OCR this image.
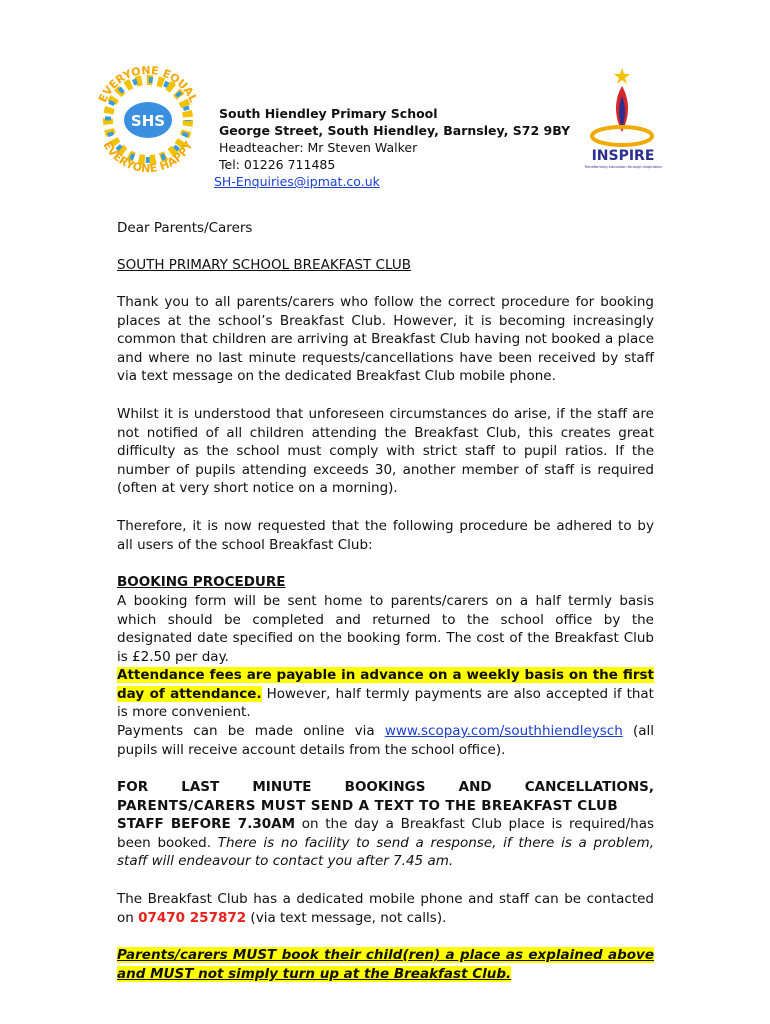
SHS
EVERYONE EQUAL
EVERYONE HAPPY
INSPIRE
Transforming education through inspiration
South Hiendley Primary School
George Street, South Hiendley, Barnsley, S72 9BY
Headteacher: Mr Steven Walker
Tel: 01226 711485
SH-Enquiries@ipmat.co.uk
Dear Parents/Carers
SOUTH PRIMARY SCHOOL BREAKFAST CLUB
Thank you to all parents/carers who follow the correct procedure for booking places at the school’s Breakfast Club. However, it is becoming increasingly common that children are arriving at Breakfast Club having not booked a place and where no last minute requests/cancellations have been received by staff via text message on the dedicated Breakfast Club mobile phone.
Whilst it is understood that unforeseen circumstances do arise, if the staff are not notified of all children attending the Breakfast Club, this creates great difficulty as the school must comply with strict staff to pupil ratios. If the number of pupils attending exceeds 30, another member of staff is required (often at very short notice on a morning).
Therefore, it is now requested that the following procedure be adhered to by all users of the school Breakfast Club:
BOOKING PROCEDURE
A booking form will be sent home to parents/carers on a half termly basis which should be completed and returned to the school office by the designated date specified on the booking form. The cost of the Breakfast Club is £2.50 per day.
Attendance fees are payable in advance on a weekly basis on the first day of attendance. However, half termly payments are also accepted if that is more convenient.
Payments can be made online via www.scopay.com/southhiendleysch (all pupils will receive account details from the school office).
FOR LAST MINUTE BOOKINGS AND CANCELLATIONS,
PARENTS/CARERS MUST SEND A TEXT TO THE BREAKFAST CLUB
STAFF BEFORE 7.30AM on the day a Breakfast Club place is required/has been booked. There is no facility to send a response, if there is a problem, staff will endeavour to contact you after 7.45 am.
The Breakfast Club has a dedicated mobile phone and staff can be contacted on 07470 257872 (via text message, not calls).
Parents/carers MUST book their child(ren) a place as explained above and MUST not simply turn up at the Breakfast Club.
